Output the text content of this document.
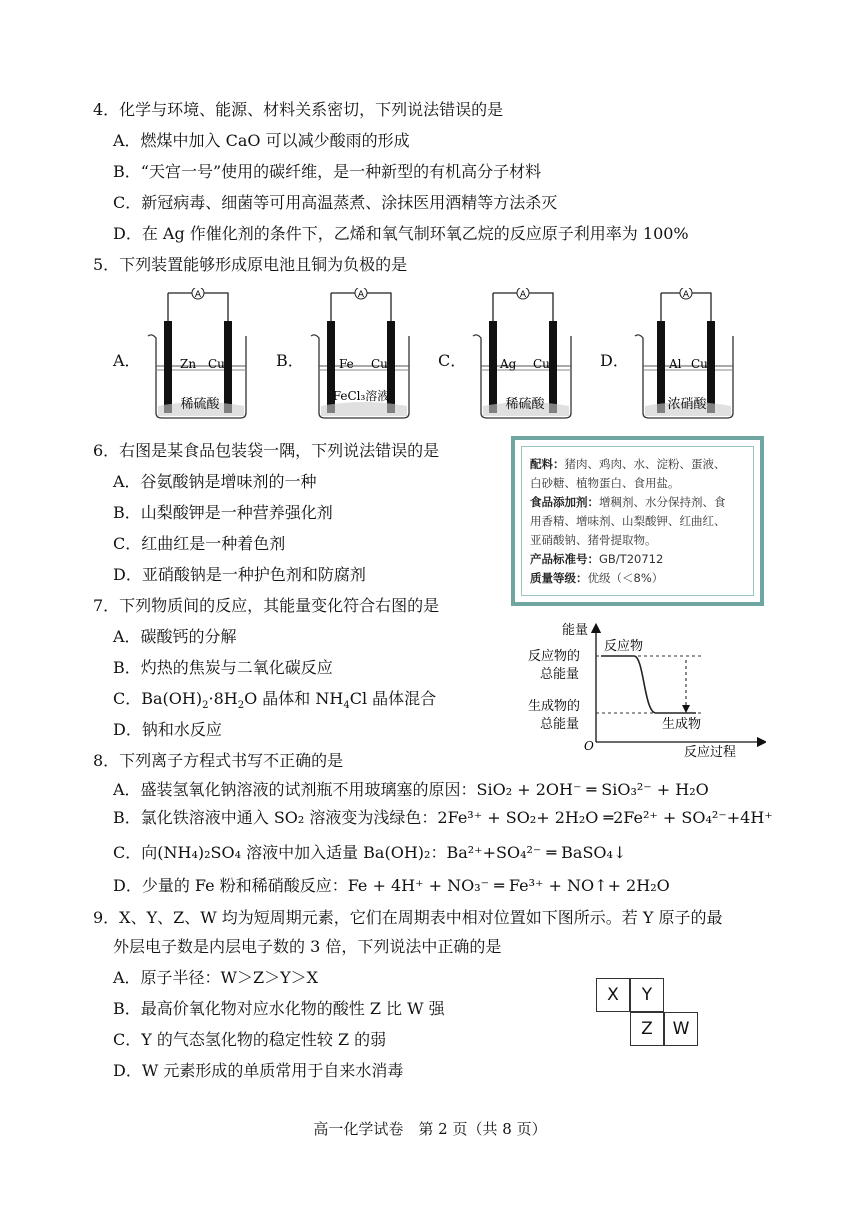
4．化学与环境、能源、材料关系密切，下列说法错误的是
A．燃煤中加入 CaO 可以减少酸雨的形成
B．“天宫一号”使用的碳纤维，是一种新型的有机高分子材料
C．新冠病毒、细菌等可用高温蒸煮、涂抹医用酒精等方法杀灭
D．在 Ag 作催化剂的条件下，乙烯和氧气制环氧乙烷的反应原子利用率为 100%
5．下列装置能够形成原电池且铜为负极的是
A．
A
Zn Cu
稀硫酸
B．
A
Fe Cu
FeCl₃溶液
C．
A
Ag Cu
稀硫酸
D．
A
Al Cu
浓硝酸
6．右图是某食品包装袋一隅，下列说法错误的是
A．谷氨酸钠是增味剂的一种
B．山梨酸钾是一种营养强化剂
C．红曲红是一种着色剂
D．亚硝酸钠是一种护色剂和防腐剂
配料：猪肉、鸡肉、水、淀粉、蛋液、
白砂糖、植物蛋白、食用盐。
食品添加剂：增稠剂、水分保持剂、食
用香精、增味剂、山梨酸钾、红曲红、
亚硝酸钠、猪骨提取物。
产品标准号：GB/T20712
质量等级：优级（＜8%）
7．下列物质间的反应，其能量变化符合右图的是
A．碳酸钙的分解
B．灼热的焦炭与二氧化碳反应
C．$Ba(OH)_2\cdot 8H_2O$ 晶体和 $NH_4Cl$ 晶体混合
D．钠和水反应
能量
反应物
反应物的
总能量
生成物的
总能量	生成物
O	反应过程
8．下列离子方程式书写不正确的是
A．盛装氢氧化钠溶液的试剂瓶不用玻璃塞的原因：SiO₂ + 2OH⁻ ═ SiO₃²⁻ + H₂O
B．氯化铁溶液中通入 SO₂ 溶液变为浅绿色：2Fe³⁺ + SO₂+ 2H₂O ═2Fe²⁺ + SO₄²⁻+4H⁺
C．向(NH₄)₂SO₄ 溶液中加入适量 Ba(OH)₂：Ba²⁺+SO₄²⁻ ═ BaSO₄↓
D．少量的 Fe 粉和稀硝酸反应：Fe + 4H⁺ + NO₃⁻ ═ Fe³⁺ + NO↑+ 2H₂O
9．X、Y、Z、W 均为短周期元素，它们在周期表中相对位置如下图所示。若 Y 原子的最
外层电子数是内层电子数的 3 倍，下列说法中正确的是
A．原子半径：W＞Z＞Y＞X
B．最高价氧化物对应水化物的酸性 Z 比 W 强
C．Y 的气态氢化物的稳定性较 Z 的弱
D．W 元素形成的单质常用于自来水消毒
X	Y
Z	W
高一化学试卷　第 2 页（共 8 页）
